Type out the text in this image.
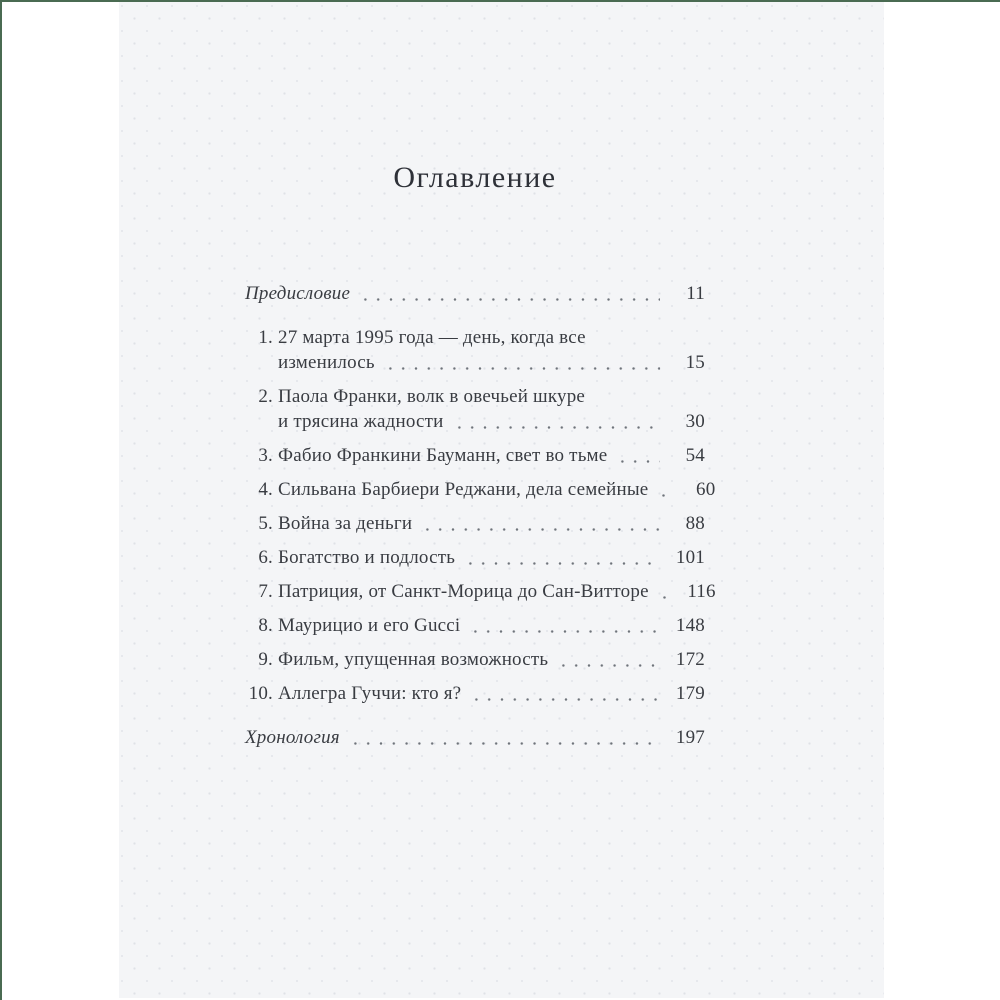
Оглавление
Предисловие	11
1. 27 марта 1995 года — день, когда все
изменилось	15
2. Паола Франки, волк в овечьей шкуре
и трясина жадности	30
3. Фабио Франкини Бауманн, свет во тьме	54
4. Сильвана Барбиери Реджани, дела семейные	60
5. Война за деньги	88
6. Богатство и подлость	101
7. Патриция, от Санкт-Морица до Сан-Витторе	116
8. Маурицио и его Gucci	148
9. Фильм, упущенная возможность	172
10. Аллегра Гуччи: кто я?	179
Хронология	197
